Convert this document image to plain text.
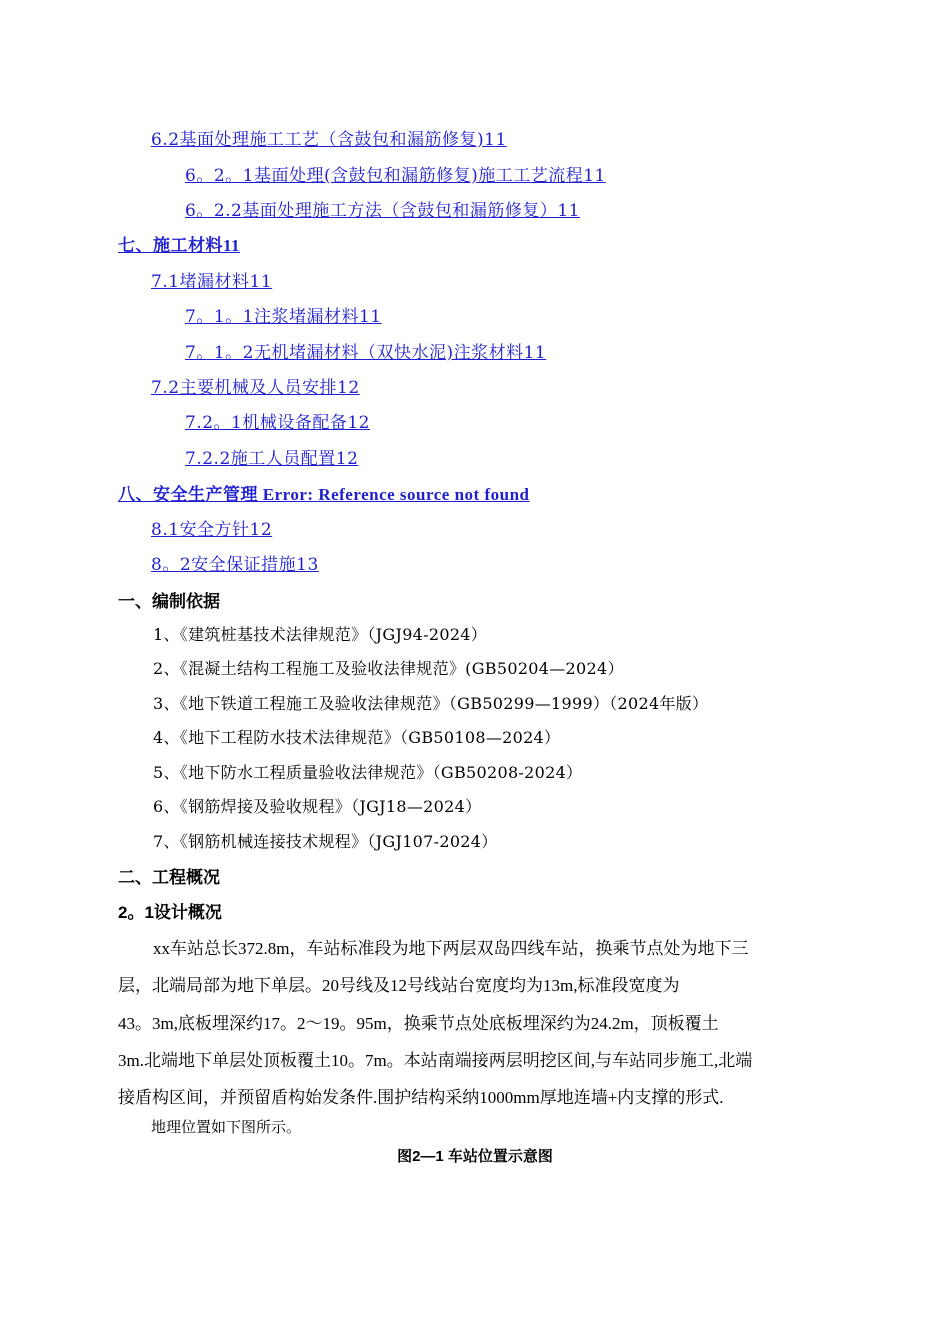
6.2基面处理施工工艺（含鼓包和漏筋修复)11
6。2。1基面处理(含鼓包和漏筋修复)施工工艺流程11
6。2.2基面处理施工方法（含鼓包和漏筋修复）11
七、施工材料11
7.1堵漏材料11
7。1。1注浆堵漏材料11
7。1。2无机堵漏材料（双快水泥)注浆材料11
7.2主要机械及人员安排12
7.2。1机械设备配备12
7.2.2施工人员配置12
八、安全生产管理 Error: Reference source not found
8.1安全方针12
8。2安全保证措施13
一、编制依据
1、《建筑桩基技术法律规范》（JGJ94-2024）
2、《混凝土结构工程施工及验收法律规范》(GB50204—2024）
3、《地下铁道工程施工及验收法律规范》（GB50299—1999）（2024年版）
4、《地下工程防水技术法律规范》（GB50108—2024）
5、《地下防水工程质量验收法律规范》（GB50208-2024）
6、《钢筋焊接及验收规程》（JGJ18—2024）
7、《钢筋机械连接技术规程》（JGJ107-2024）
二、工程概况
2。1设计概况
xx车站总长372.8m，车站标准段为地下两层双岛四线车站，换乘节点处为地下三
层，北端局部为地下单层。20号线及12号线站台宽度均为13m,标准段宽度为
43。3m,底板埋深约17。2～19。95m，换乘节点处底板埋深约为24.2m，顶板覆土
3m.北端地下单层处顶板覆土10。7m。本站南端接两层明挖区间,与车站同步施工,北端
接盾构区间，并预留盾构始发条件.围护结构采纳1000mm厚地连墙+内支撑的形式.
地理位置如下图所示。
图2—1 车站位置示意图
